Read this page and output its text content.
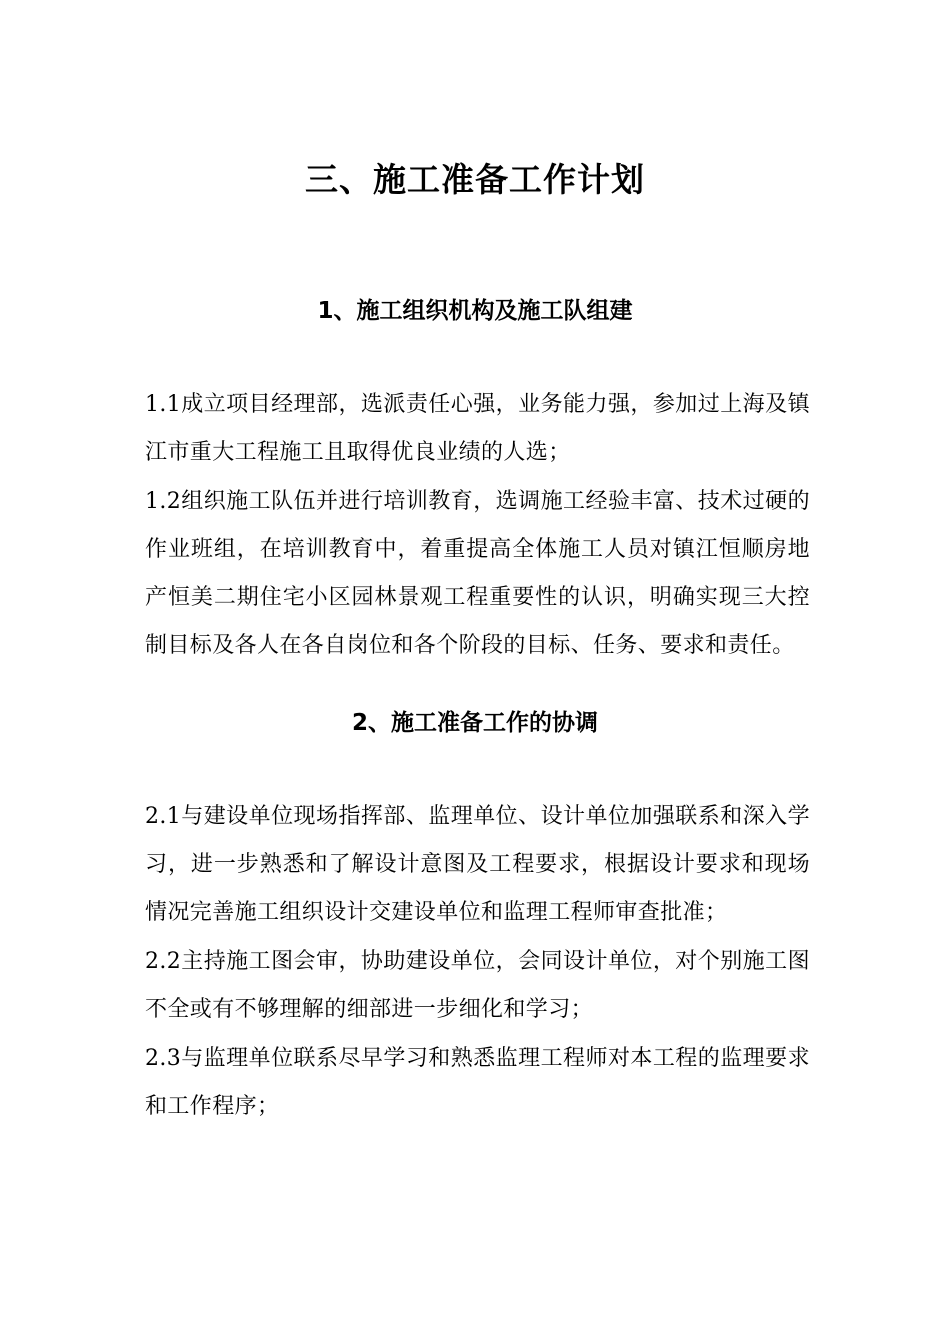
三、施工准备工作计划
1、施工组织机构及施工队组建
1.1成立项目经理部，选派责任心强，业务能力强，参加过上海及镇江市重大工程施工且取得优良业绩的人选；
1.2组织施工队伍并进行培训教育，选调施工经验丰富、技术过硬的作业班组，在培训教育中，着重提高全体施工人员对镇江恒顺房地产恒美二期住宅小区园林景观工程重要性的认识，明确实现三大控制目标及各人在各自岗位和各个阶段的目标、任务、要求和责任。
2、施工准备工作的协调
2.1与建设单位现场指挥部、监理单位、设计单位加强联系和深入学习，进一步熟悉和了解设计意图及工程要求，根据设计要求和现场情况完善施工组织设计交建设单位和监理工程师审查批准；
2.2主持施工图会审，协助建设单位，会同设计单位，对个别施工图不全或有不够理解的细部进一步细化和学习；
2.3与监理单位联系尽早学习和熟悉监理工程师对本工程的监理要求和工作程序；
